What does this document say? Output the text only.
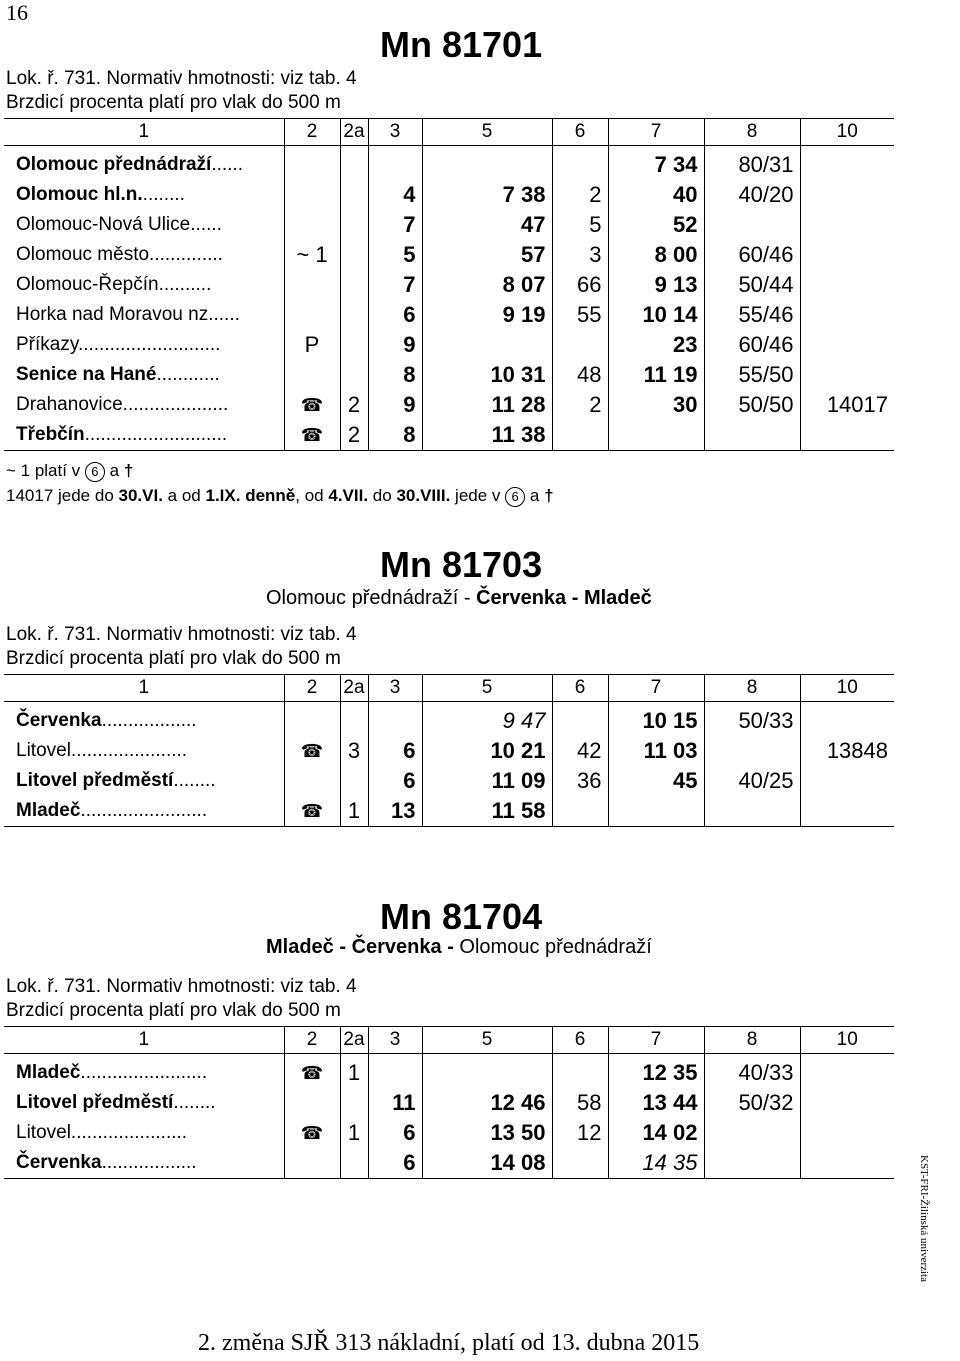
16
Mn 81701
Lok. ř. 731. Normativ hmotnosti: viz tab. 4
Brzdicí procenta platí pro vlak do 500 m
1	2	2a	3	5	6	7	8	10

Olomouc přednádraží......						7 34	80/31	
Olomouc hl.n.........			4	7 38	2	40	40/20	
Olomouc-Nová Ulice......			7	47	5	52		
Olomouc město..............	~ 1		5	57	3	8 00	60/46	
Olomouc-Řepčín..........			7	8 07	66	9 13	50/44	
Horka nad Moravou nz......			6	9 19	55	10 14	55/46	
Příkazy...........................	P		9			23	60/46	
Senice na Hané............			8	10 31	48	11 19	55/50	
Drahanovice....................	☎	2	9	11 28	2	30	50/50	14017
Třebčín...........................	☎	2	8	11 38				
~ 1 platí v 6 a †
14017 jede do 30.VI. a od 1.IX. denně, od 4.VII. do 30.VIII. jede v 6 a †
Mn 81703
Olomouc přednádraží - Červenka - Mladeč
Lok. ř. 731. Normativ hmotnosti: viz tab. 4
Brzdicí procenta platí pro vlak do 500 m
1	2	2a	3	5	6	7	8	10

Červenka..................				9 47		10 15	50/33	
Litovel......................	☎	3	6	10 21	42	11 03		13848
Litovel předměstí........			6	11 09	36	45	40/25	
Mladeč........................	☎	1	13	11 58				
Mn 81704
Mladeč - Červenka - Olomouc přednádraží
Lok. ř. 731. Normativ hmotnosti: viz tab. 4
Brzdicí procenta platí pro vlak do 500 m
1	2	2a	3	5	6	7	8	10

Mladeč........................	☎	1				12 35	40/33	
Litovel předměstí........			11	12 46	58	13 44	50/32	
Litovel......................	☎	1	6	13 50	12	14 02		
Červenka..................			6	14 08		14 35			KST-FRI-Žilinská univerzita
2. změna SJŘ 313 nákladní, platí od 13. dubna 2015
